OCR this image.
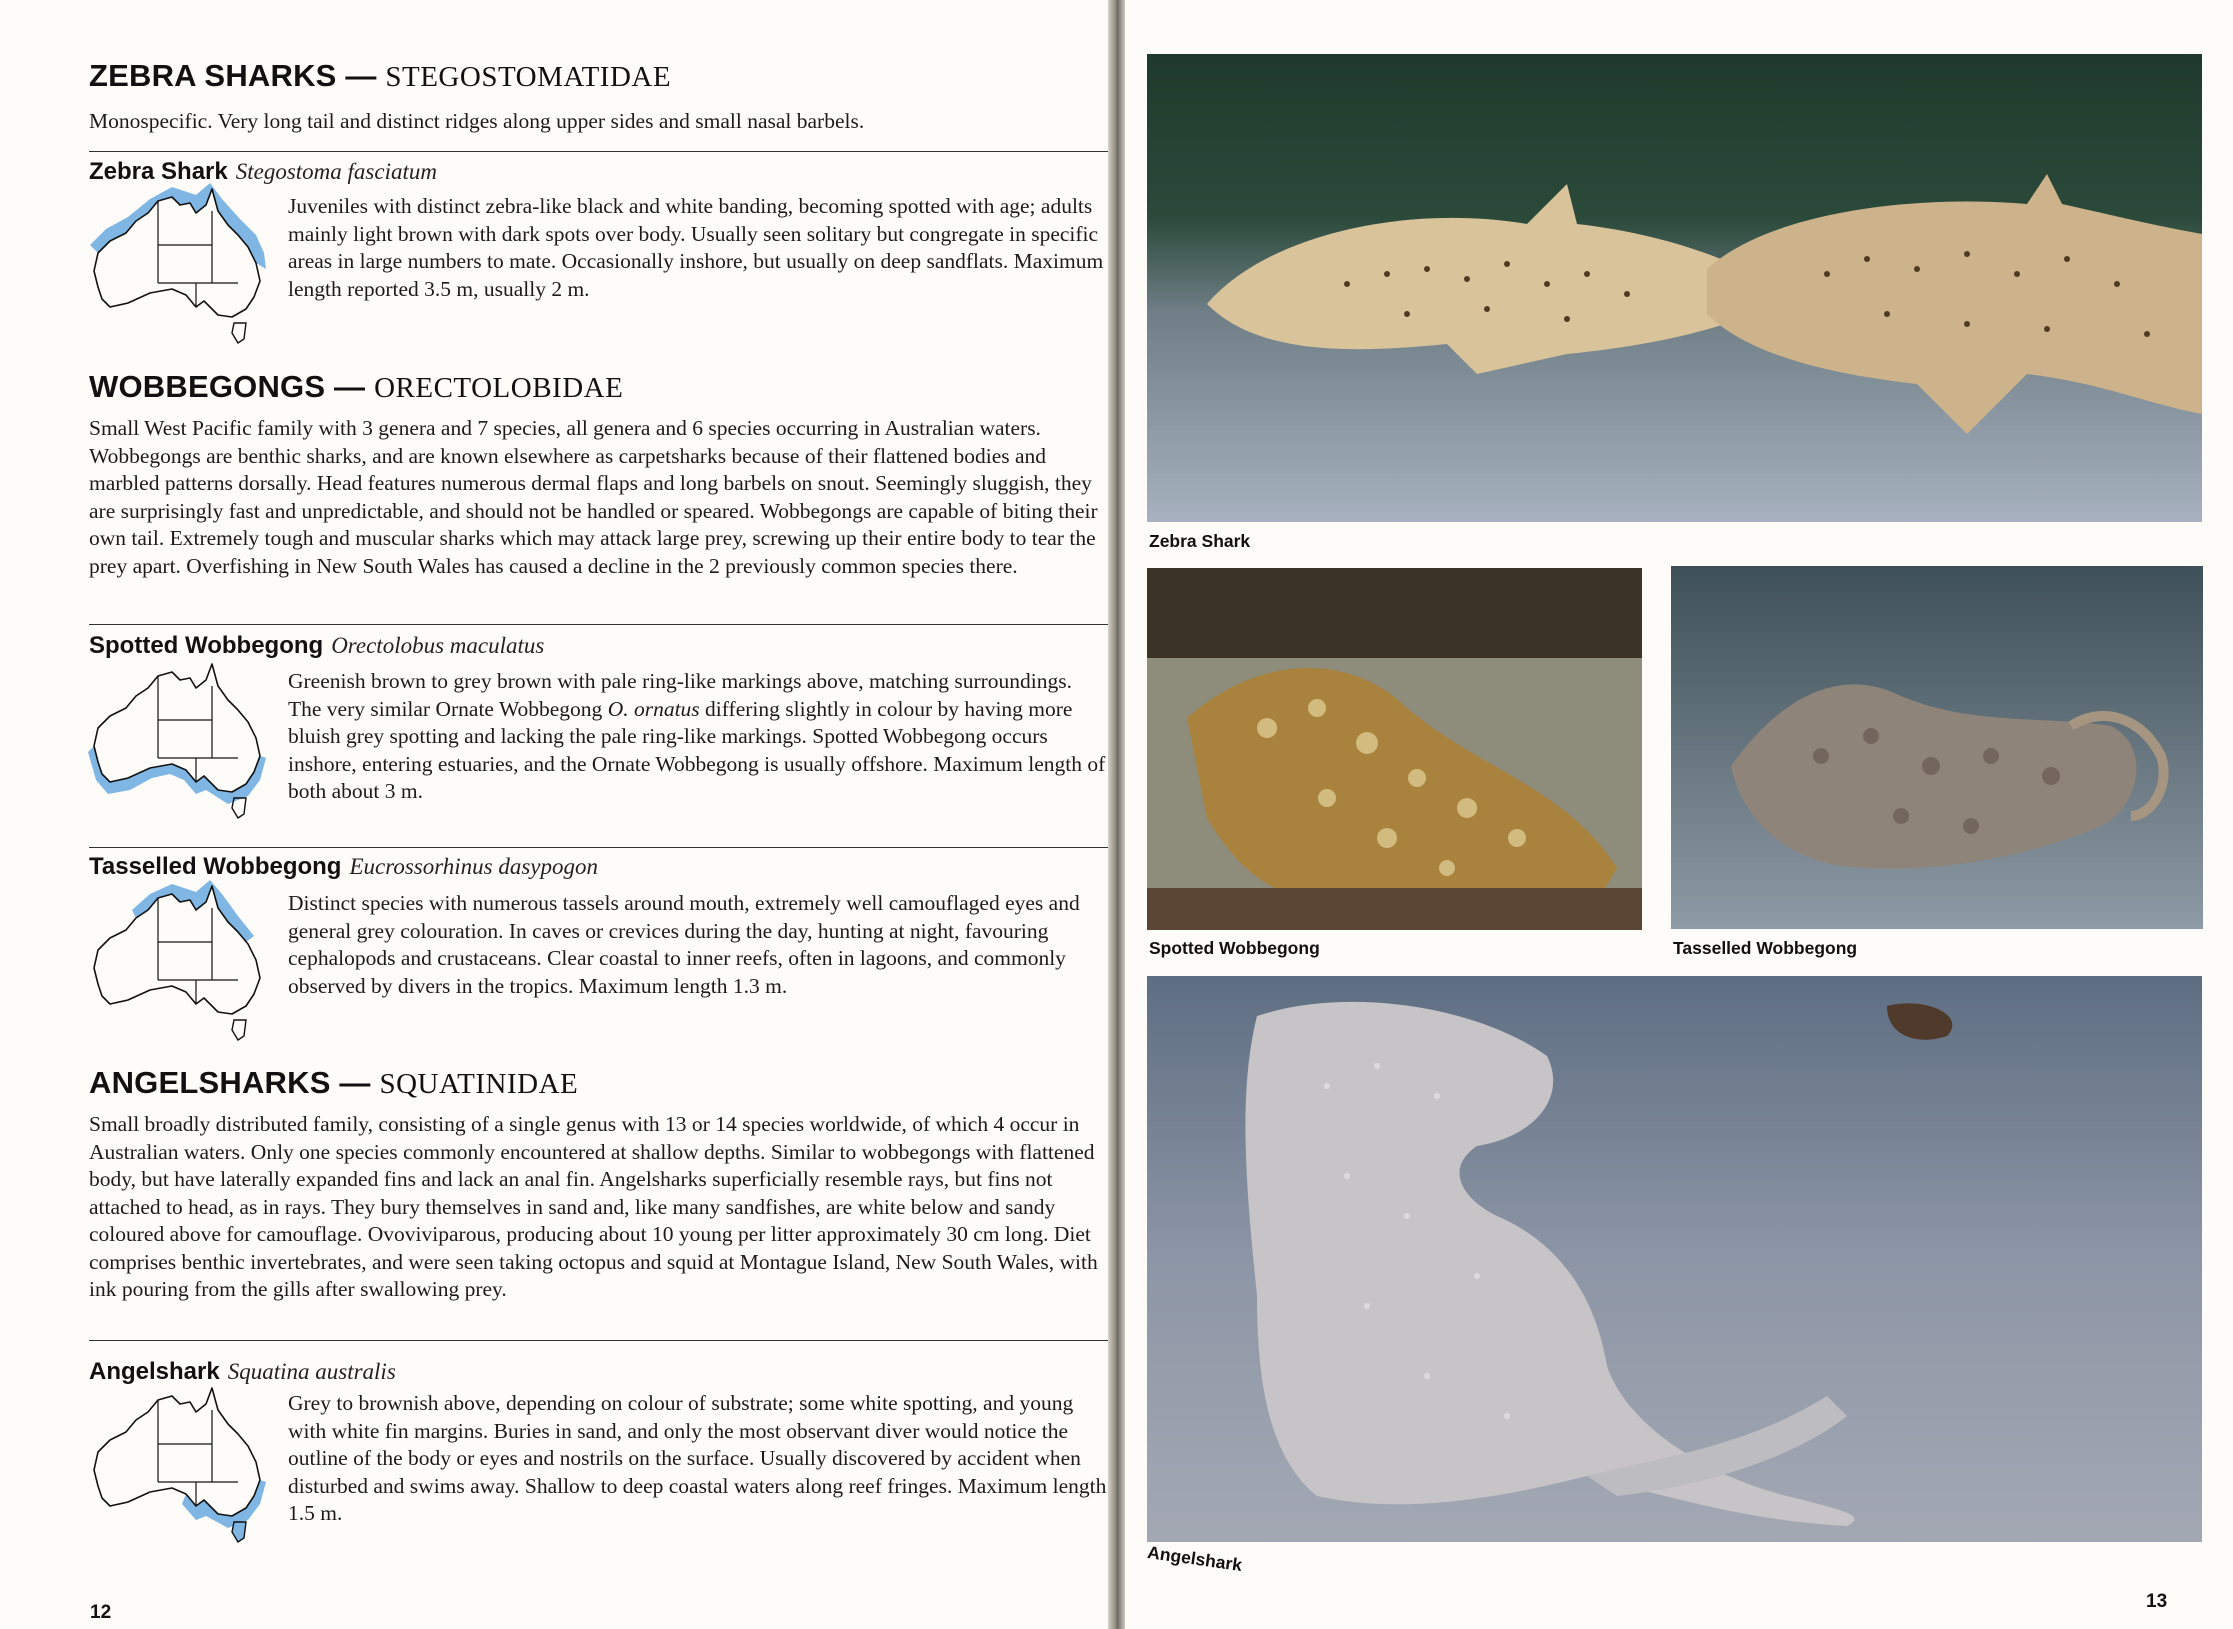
ZEBRA SHARKS — STEGOSTOMATIDAE

Monospecific. Very long tail and distinct ridges along upper sides and small nasal barbels.

Zebra Shark Stegostoma fasciatum

Juveniles with distinct zebra-like black and white banding, becoming spotted with age; adults mainly light brown with dark spots over body. Usually seen solitary but congregate in specific areas in large numbers to mate. Occasionally inshore, but usually on deep sandflats. Maximum length reported 3.5 m, usually 2 m.

WOBBEGONGS — ORECTOLOBIDAE

Small West Pacific family with 3 genera and 7 species, all genera and 6 species occurring in Australian waters. Wobbegongs are benthic sharks, and are known elsewhere as carpetsharks because of their flattened bodies and marbled patterns dorsally. Head features numerous dermal flaps and long barbels on snout. Seemingly sluggish, they are surprisingly fast and unpredictable, and should not be handled or speared. Wobbegongs are capable of biting their own tail. Extremely tough and muscular sharks which may attack large prey, screwing up their entire body to tear the prey apart. Overfishing in New South Wales has caused a decline in the 2 previously common species there.

Spotted Wobbegong Orectolobus maculatus

Greenish brown to grey brown with pale ring-like markings above, matching surroundings. The very similar Ornate Wobbegong O. ornatus differing slightly in colour by having more bluish grey spotting and lacking the pale ring-like markings. Spotted Wobbegong occurs inshore, entering estuaries, and the Ornate Wobbegong is usually offshore. Maximum length of both about 3 m.

Tasselled Wobbegong Eucrossorhinus dasypogon

Distinct species with numerous tassels around mouth, extremely well camouflaged eyes and general grey colouration. In caves or crevices during the day, hunting at night, favouring cephalopods and crustaceans. Clear coastal to inner reefs, often in lagoons, and commonly observed by divers in the tropics. Maximum length 1.3 m.

ANGELSHARKS — SQUATINIDAE

Small broadly distributed family, consisting of a single genus with 13 or 14 species worldwide, of which 4 occur in Australian waters. Only one species commonly encountered at shallow depths. Similar to wobbegongs with flattened body, but have laterally expanded fins and lack an anal fin. Angelsharks superficially resemble rays, but fins not attached to head, as in rays. They bury themselves in sand and, like many sandfishes, are white below and sandy coloured above for camouflage. Ovoviviparous, producing about 10 young per litter approximately 30 cm long. Diet comprises benthic invertebrates, and were seen taking octopus and squid at Montague Island, New South Wales, with ink pouring from the gills after swallowing prey.

Angelshark Squatina australis

Grey to brownish above, depending on colour of substrate; some white spotting, and young with white fin margins. Buries in sand, and only the most observant diver would notice the outline of the body or eyes and nostrils on the surface. Usually discovered by accident when disturbed and swims away. Shallow to deep coastal waters along reef fringes. Maximum length 1.5 m.

12
Zebra Shark
Spotted Wobbegong	Tasselled Wobbegong
Angelshark
13
